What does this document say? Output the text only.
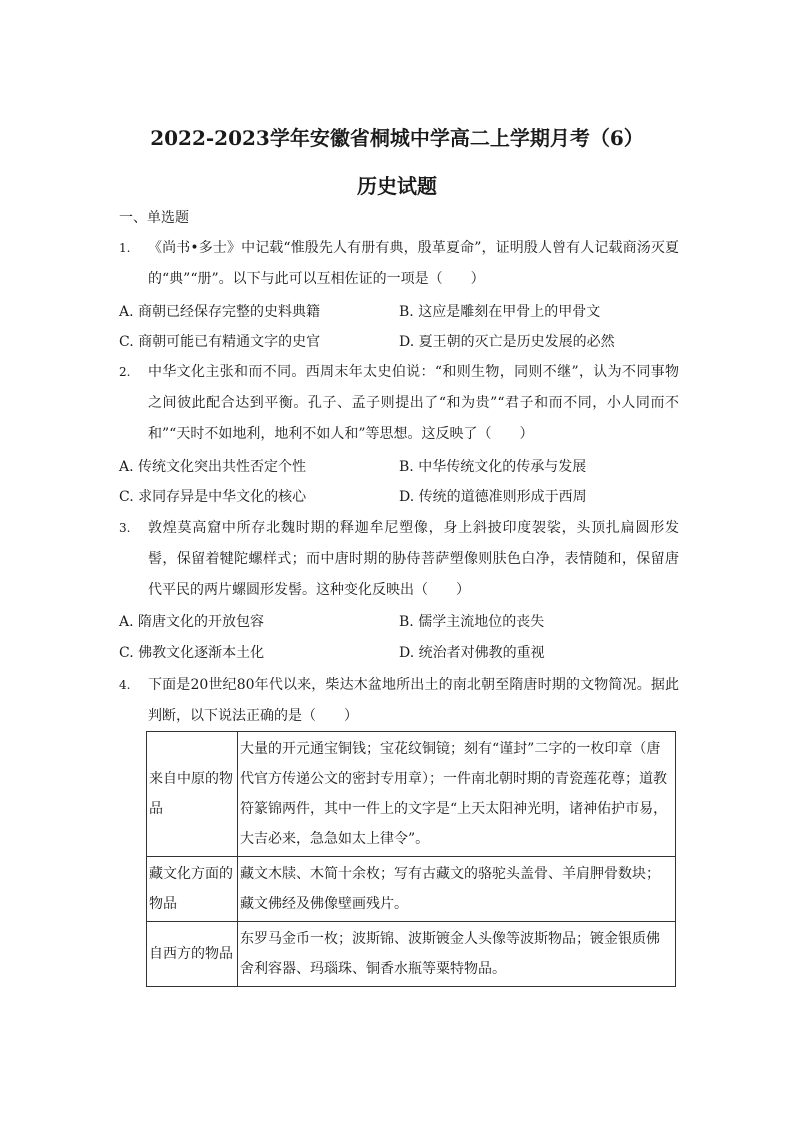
2022-2023学年安徽省桐城中学高二上学期月考（6）
历史试题
一、单选题
1.	《尚书•多士》中记载“惟殷先人有册有典，殷革夏命”，证明殷人曾有人记载商汤灭夏的“典”“册”。以下与此可以互相佐证的一项是（　　）
A. 商朝已经保存完整的史料典籍	B. 这应是雕刻在甲骨上的甲骨文
C. 商朝可能已有精通文字的史官	D. 夏王朝的灭亡是历史发展的必然
2.	中华文化主张和而不同。西周末年太史伯说：“和则生物，同则不继”，认为不同事物之间彼此配合达到平衡。孔子、孟子则提出了“和为贵”“君子和而不同，小人同而不和”“天时不如地利，地利不如人和”等思想。这反映了（　　）
A. 传统文化突出共性否定个性	B. 中华传统文化的传承与发展
C. 求同存异是中华文化的核心	D. 传统的道德准则形成于西周
3.	敦煌莫高窟中所存北魏时期的释迦牟尼塑像，身上斜披印度袈裟，头顶扎扁圆形发髻，保留着犍陀螺样式；而中唐时期的胁侍菩萨塑像则肤色白净，表情随和，保留唐代平民的两片螺圆形发髻。这种变化反映出（　　）
A. 隋唐文化的开放包容	B. 儒学主流地位的丧失
C. 佛教文化逐渐本土化	D. 统治者对佛教的重视
4.	下面是20世纪80年代以来，柴达木盆地所出土的南北朝至隋唐时期的文物简况。据此判断，以下说法正确的是（　　）
来自中原的物品	大量的开元通宝铜钱；宝花纹铜镜；刻有“谨封”二字的一枚印章（唐代官方传递公文的密封专用章）；一件南北朝时期的青瓷莲花尊；道教符篆锦两件，其中一件上的文字是“上天太阳神光明，诸神佑护市易，大吉必来，急急如太上律令”。
藏文化方面的物品	藏文木牍、木简十余枚；写有古藏文的骆驼头盖骨、羊肩胛骨数块；藏文佛经及佛像壁画残片。
自西方的物品	东罗马金币一枚；波斯锦、波斯镀金人头像等波斯物品；镀金银质佛舍利容器、玛瑙珠、铜香水瓶等粟特物品。
